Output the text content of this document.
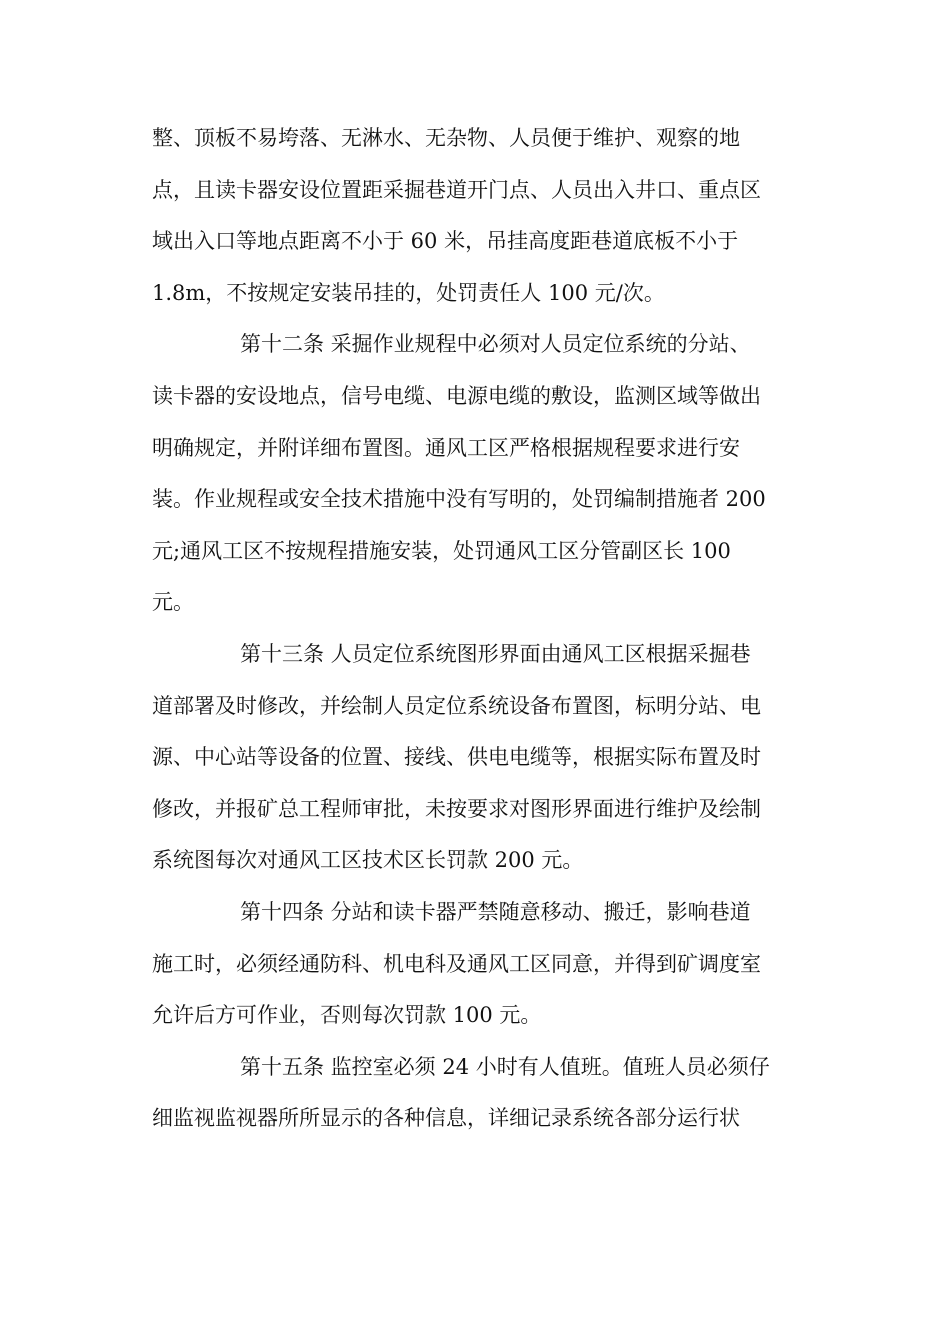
整、顶板不易垮落、无淋水、无杂物、人员便于维护、观察的地
点，且读卡器安设位置距采掘巷道开门点、人员出入井口、重点区
域出入口等地点距离不小于 60 米，吊挂高度距巷道底板不小于
1.8m，不按规定安装吊挂的，处罚责任人 100 元/次。
第十二条 采掘作业规程中必须对人员定位系统的分站、
读卡器的安设地点，信号电缆、电源电缆的敷设，监测区域等做出
明确规定，并附详细布置图。通风工区严格根据规程要求进行安
装。作业规程或安全技术措施中没有写明的，处罚编制措施者 200
元;通风工区不按规程措施安装，处罚通风工区分管副区长 100
元。
第十三条 人员定位系统图形界面由通风工区根据采掘巷
道部署及时修改，并绘制人员定位系统设备布置图，标明分站、电
源、中心站等设备的位置、接线、供电电缆等，根据实际布置及时
修改，并报矿总工程师审批，未按要求对图形界面进行维护及绘制
系统图每次对通风工区技术区长罚款 200 元。
第十四条 分站和读卡器严禁随意移动、搬迁，影响巷道
施工时，必须经通防科、机电科及通风工区同意，并得到矿调度室
允许后方可作业，否则每次罚款 100 元。
第十五条 监控室必须 24 小时有人值班。值班人员必须仔
细监视监视器所所显示的各种信息，详细记录系统各部分运行状
